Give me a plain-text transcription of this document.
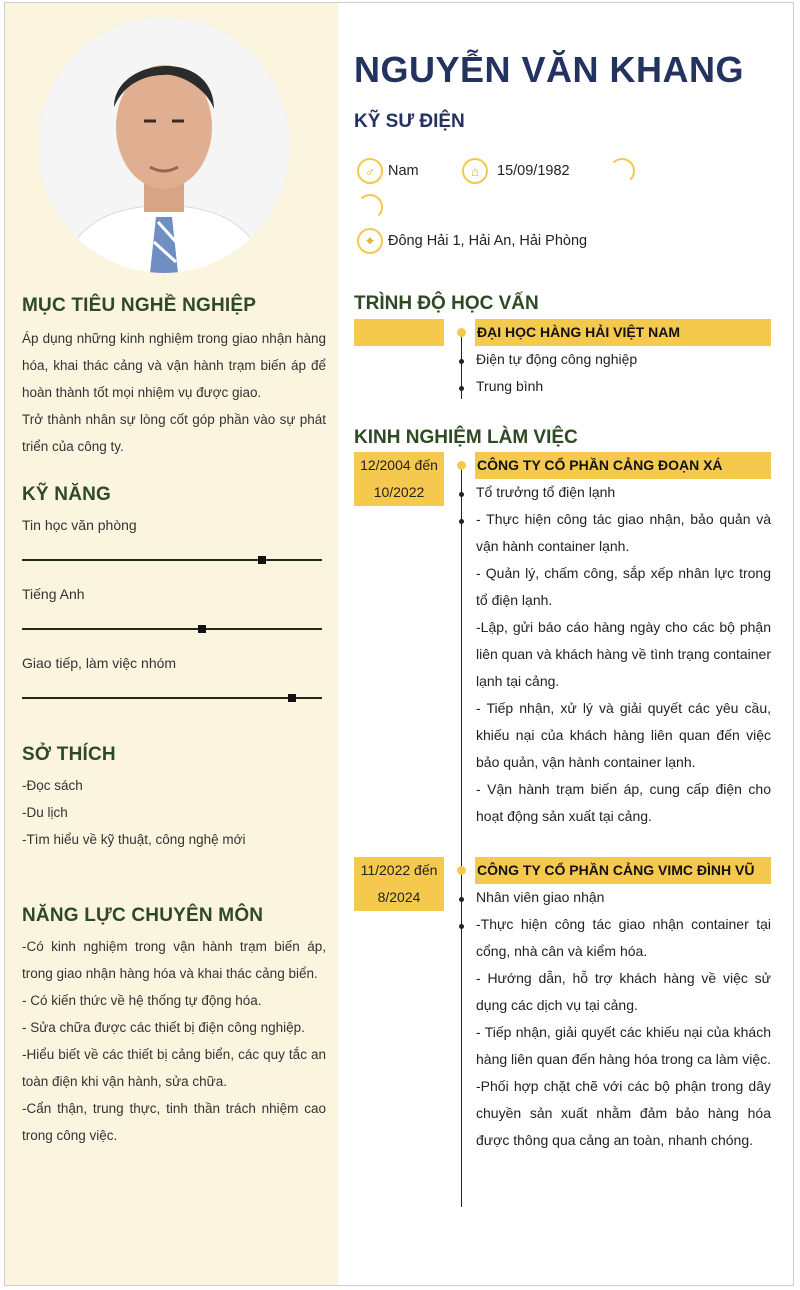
MỤC TIÊU NGHỀ NGHIỆP

Áp dụng những kinh nghiệm trong giao nhận hàng hóa, khai thác cảng và vận hành trạm biến áp để hoàn thành tốt mọi nhiệm vụ được giao.

Trở thành nhân sự lòng cốt góp phần vào sự phát triển của công ty.

KỸ NĂNG
Tin học văn phòng
Tiếng Anh
Giao tiếp, làm việc nhóm
SỞ THÍCH

-Đọc sách

-Du lịch

-Tìm hiểu về kỹ thuật, công nghệ mới

NĂNG LỰC CHUYÊN MÔN

-Có kinh nghiệm trong vận hành trạm biến áp, trong giao nhận hàng hóa và khai thác cảng biển.

- Có kiến thức về hệ thống tự động hóa.

- Sửa chữa được các thiết bị điện công nghiệp.

-Hiểu biết về các thiết bị cảng biển, các quy tắc an toàn điện khi vận hành, sửa chữa.

-Cẩn thận, trung thực, tinh thần trách nhiệm cao trong công việc.

NGUYỄN VĂN KHANG
KỸ SƯ ĐIỆN
♂ Nam	⌂	15/09/1982
⌖ Đông Hải 1, Hải An, Hải Phòng
TRÌNH ĐỘ HỌC VẤN
ĐẠI HỌC HÀNG HẢI VIỆT NAM
Điện tự động công nghiệp
Trung bình
KINH NGHIỆM LÀM VIỆC
12/2004 đến 10/2022
CÔNG TY CỔ PHẦN CẢNG ĐOẠN XÁ
Tổ trưởng tổ điện lạnh

- Thực hiện công tác giao nhận, bảo quản và vận hành container lạnh.

- Quản lý, chấm công, sắp xếp nhân lực trong tổ điện lạnh.

-Lập, gửi báo cáo hàng ngày cho các bộ phận liên quan và khách hàng về tình trạng container lạnh tại cảng.

- Tiếp nhận, xử lý và giải quyết các yêu cầu, khiếu nại của khách hàng liên quan đến việc bảo quản, vận hành container lạnh.

- Vận hành trạm biến áp, cung cấp điện cho hoạt động sản xuất tại cảng.

11/2022 đến 8/2024
CÔNG TY CỔ PHẦN CẢNG VIMC ĐÌNH VŨ
Nhân viên giao nhận

-Thực hiện công tác giao nhận container tại cổng, nhà cân và kiểm hóa.

- Hướng dẫn, hỗ trợ khách hàng về việc sử dụng các dịch vụ tại cảng.

- Tiếp nhận, giải quyết các khiếu nại của khách hàng liên quan đến hàng hóa trong ca làm việc.

-Phối hợp chặt chẽ với các bộ phận trong dây chuyền sản xuất nhằm đảm bảo hàng hóa được thông qua cảng an toàn, nhanh chóng.
